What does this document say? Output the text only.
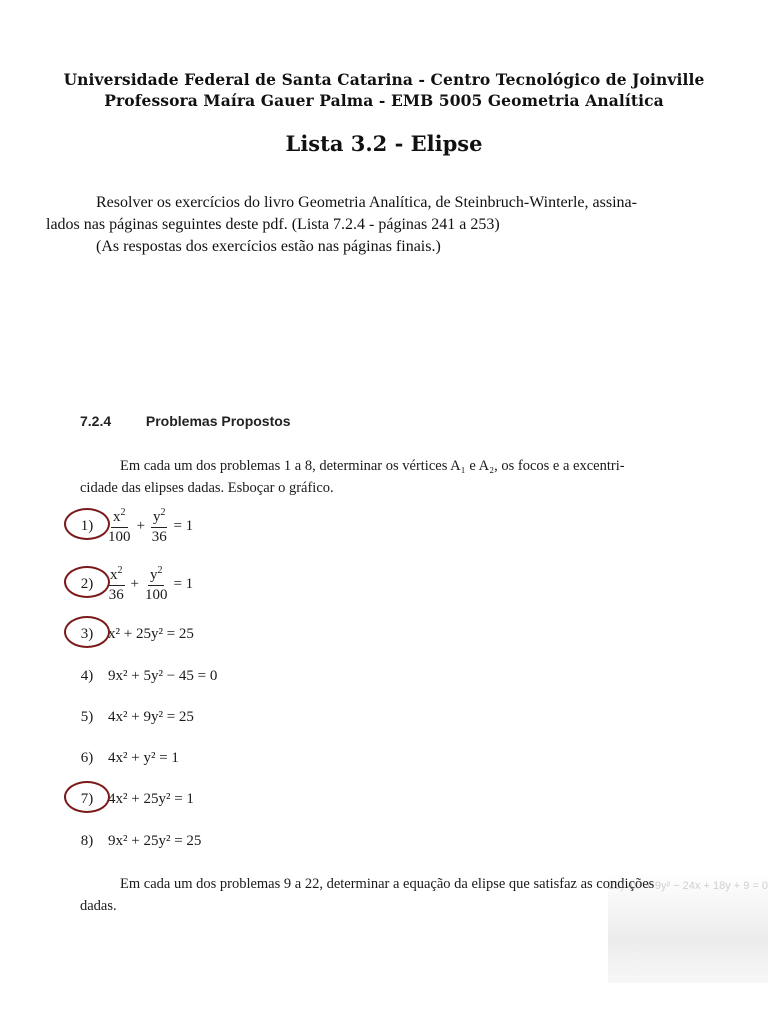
Universidade Federal de Santa Catarina - Centro Tecnológico de Joinville
Professora Maíra Gauer Palma - EMB 5005 Geometria Analítica
Lista 3.2 - Elipse

Resolver os exercícios do livro Geometria Analítica, de Steinbruch-Winterle, assina-

lados nas páginas seguintes deste pdf. (Lista 7.2.4 - páginas 241 a 253)

(As respostas dos exercícios estão nas páginas finais.)

25) 4x² + 9y² − 24x + 18y + 9 = 0
7.2.4 Problemas Propostos
Em cada um dos problemas 1 a 8, determinar os vértices A₁ e A₂, os focos e a excentri-
cidade das elipses dadas. Esboçar o gráfico.
$1) \frac{x^2}{100} + \frac{y^2}{36} = 1$
$2) \frac{x^2}{36} + \frac{y^2}{100} = 1$
3) x² + 25y² = 25
4) 9x² + 5y² − 45 = 0
5) 4x² + 9y² = 25
6) 4x² + y² = 1
7) 4x² + 25y² = 1
8) 9x² + 25y² = 25
Em cada um dos problemas 9 a 22, determinar a equação da elipse que satisfaz as condições
dadas.
